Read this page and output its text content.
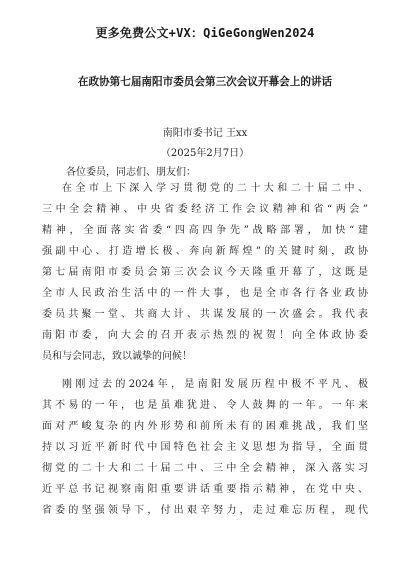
更多免费公文+VX：QiGeGongWen2024
在政协第七届南阳市委员会第三次会议开幕会上的讲话
南阳市委书记 王xx
（2025年2月7日）
各位委员，同志们、朋友们：
在全市上下深入学习贯彻党的二十大和二十届二中、
三中全会精神、中央省委经济工作会议精神和省“两会”
精神，全面落实省委“四高四争先”战略部署，加快“建
强副中心、打造增长极、奔向新辉煌”的关键时刻，政协
第七届南阳市委员会第三次会议今天隆重开幕了，这既是
全市人民政治生活中的一件大事，也是全市各行各业政协
委员共聚一堂、共商大计、共谋发展的一次盛会。我代表
南阳市委，向大会的召开表示热烈的祝贺！向全体政协委
员和与会同志，致以诚挚的问候！
刚刚过去的2024年，是南阳发展历程中极不平凡、极
其不易的一年，也是虽难犹进、令人鼓舞的一年。一年来
面对严峻复杂的内外形势和前所未有的困难挑战，我们坚
持以习近平新时代中国特色社会主义思想为指导，全面贯
彻党的二十大和二十届二中、三中全会精神，深入落实习
近平总书记视察南阳重要讲话重要指示精神，在党中央、
省委的坚强领导下，付出艰辛努力，走过难忘历程，现代
